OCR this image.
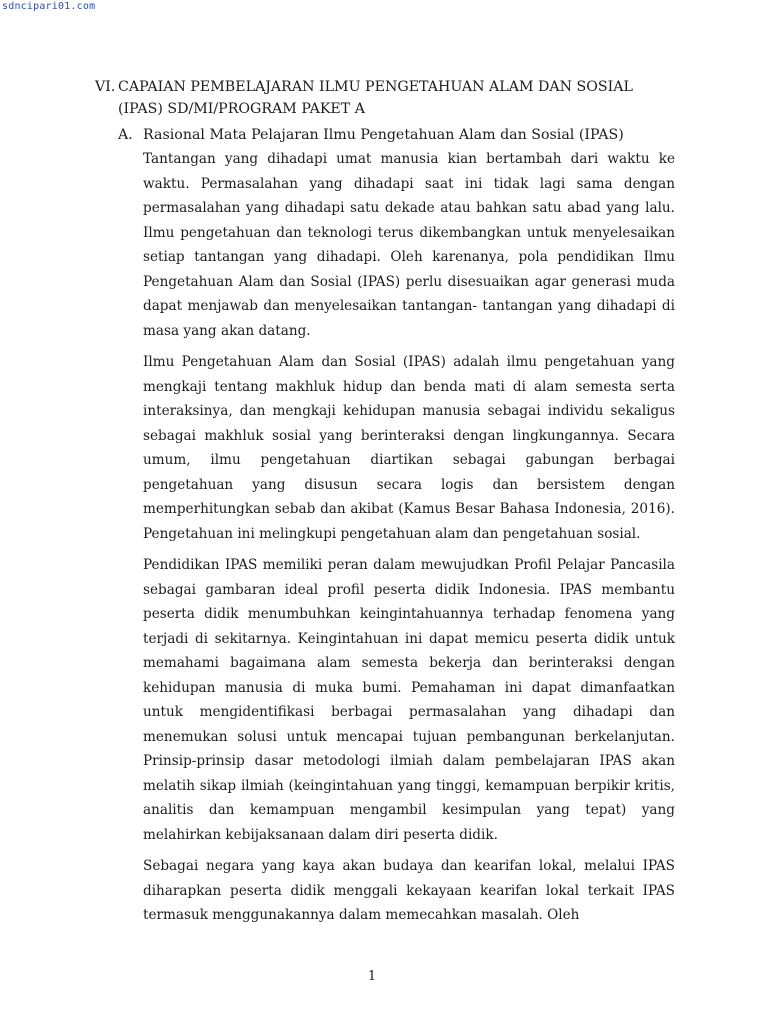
sdncipari01.com
VI. CAPAIAN PEMBELAJARAN ILMU PENGETAHUAN ALAM DAN SOSIAL (IPAS) SD/MI/PROGRAM PAKET A
A. Rasional Mata Pelajaran Ilmu Pengetahuan Alam dan Sosial (IPAS)

Tantangan yang dihadapi umat manusia kian bertambah dari waktu ke waktu. Permasalahan yang dihadapi saat ini tidak lagi sama dengan permasalahan yang dihadapi satu dekade atau bahkan satu abad yang lalu. Ilmu pengetahuan dan teknologi terus dikembangkan untuk menyelesaikan setiap tantangan yang dihadapi. Oleh karenanya, pola pendidikan Ilmu Pengetahuan Alam dan Sosial (IPAS) perlu disesuaikan agar generasi muda dapat menjawab dan menyelesaikan tantangan- tantangan yang dihadapi di masa yang akan datang.

Ilmu Pengetahuan Alam dan Sosial (IPAS) adalah ilmu pengetahuan yang mengkaji tentang makhluk hidup dan benda mati di alam semesta serta interaksinya, dan mengkaji kehidupan manusia sebagai individu sekaligus sebagai makhluk sosial yang berinteraksi dengan lingkungannya. Secara umum, ilmu pengetahuan diartikan sebagai gabungan berbagai pengetahuan yang disusun secara logis dan bersistem dengan memperhitungkan sebab dan akibat (Kamus Besar Bahasa Indonesia, 2016). Pengetahuan ini melingkupi pengetahuan alam dan pengetahuan sosial.

Pendidikan IPAS memiliki peran dalam mewujudkan Profil Pelajar Pancasila sebagai gambaran ideal profil peserta didik Indonesia. IPAS membantu peserta didik menumbuhkan keingintahuannya terhadap fenomena yang terjadi di sekitarnya. Keingintahuan ini dapat memicu peserta didik untuk memahami bagaimana alam semesta bekerja dan berinteraksi dengan kehidupan manusia di muka bumi. Pemahaman ini dapat dimanfaatkan untuk mengidentifikasi berbagai permasalahan yang dihadapi dan menemukan solusi untuk mencapai tujuan pembangunan berkelanjutan. Prinsip-prinsip dasar metodologi ilmiah dalam pembelajaran IPAS akan melatih sikap ilmiah (keingintahuan yang tinggi, kemampuan berpikir kritis, analitis dan kemampuan mengambil kesimpulan yang tepat) yang melahirkan kebijaksanaan dalam diri peserta didik.

Sebagai negara yang kaya akan budaya dan kearifan lokal, melalui IPAS diharapkan peserta didik menggali kekayaan kearifan lokal terkait IPAS termasuk menggunakannya dalam memecahkan masalah. Oleh

1
